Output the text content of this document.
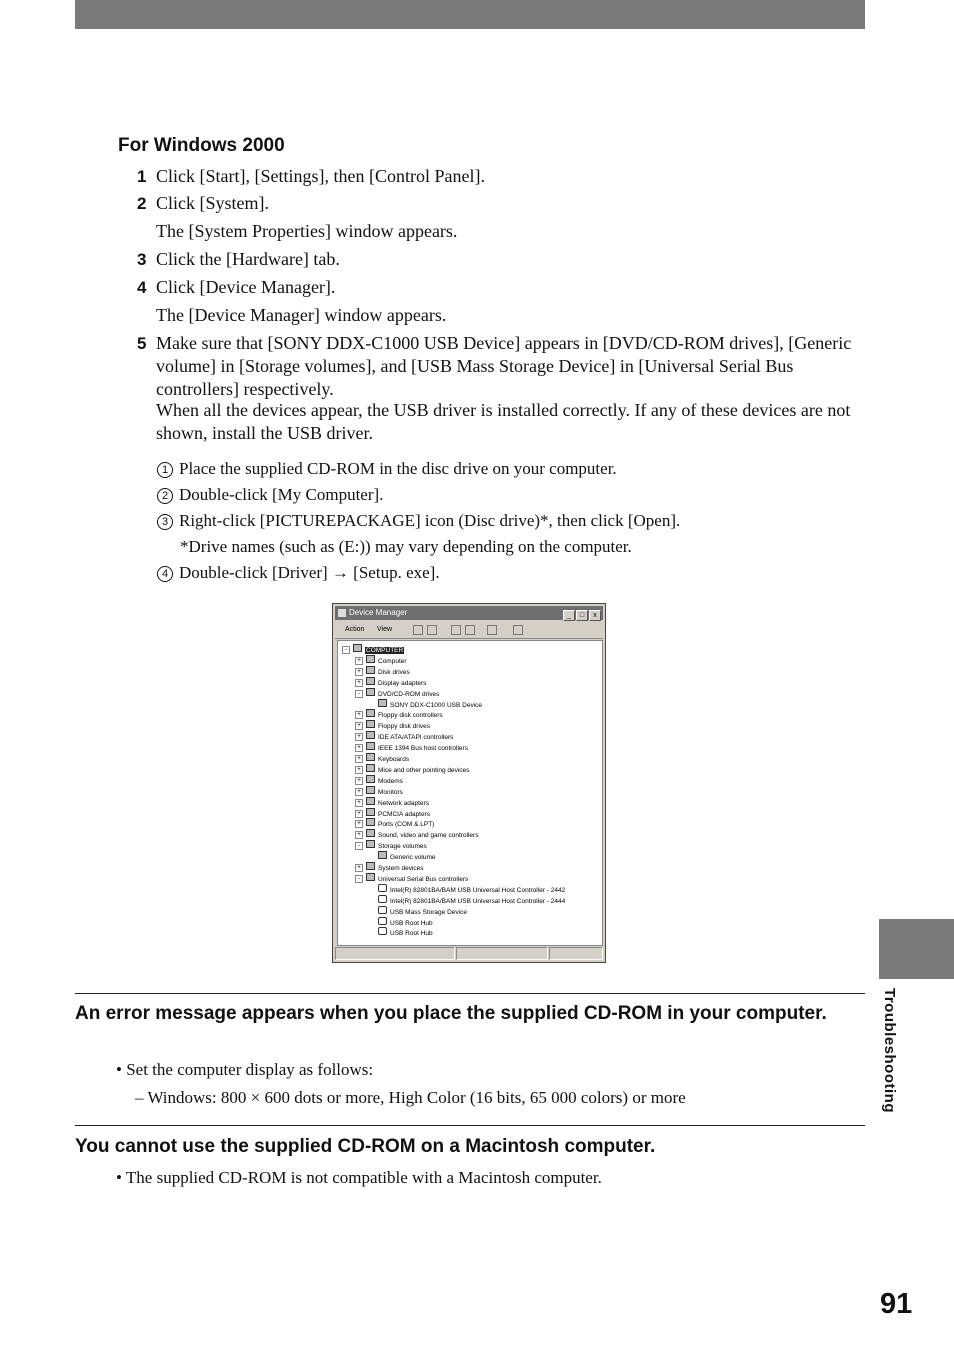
For Windows 2000
1 Click [Start], [Settings], then [Control Panel].
2 Click [System].
The [System Properties] window appears.
3 Click the [Hardware] tab.
4 Click [Device Manager].
The [Device Manager] window appears.
5 Make sure that [SONY DDX-C1000 USB Device] appears in [DVD/CD-ROM drives], [Generic volume] in [Storage volumes], and [USB Mass Storage Device] in [Universal Serial Bus controllers] respectively.
When all the devices appear, the USB driver is installed correctly. If any of these devices are not shown, install the USB driver.
1 Place the supplied CD-ROM in the disc drive on your computer.
2 Double-click [My Computer].
3 Right-click [PICTUREPACKAGE] icon (Disc drive)*, then click [Open].
*Drive names (such as (E:)) may vary depending on the computer.
4 Double-click [Driver] → [Setup. exe].
Device Manager	_ □ x
Action View
-	COMPUTER
+	Computer
+	Disk drives
+	Display adapters
-	DVD/CD-ROM drives
SONY DDX-C1000 USB Device
+	Floppy disk controllers
+	Floppy disk drives
+	IDE ATA/ATAPI controllers
+	IEEE 1394 Bus host controllers
+	Keyboards
+	Mice and other pointing devices
+	Modems
+	Monitors
+	Network adapters
+	PCMCIA adapters
+	Ports (COM & LPT)
+	Sound, video and game controllers
-	Storage volumes
Generic volume
+	System devices
-	Universal Serial Bus controllers
Intel(R) 82801BA/BAM USB Universal Host Controller - 2442
Intel(R) 82801BA/BAM USB Universal Host Controller - 2444
USB Mass Storage Device
USB Root Hub
USB Root Hub
An error message appears when you place the supplied CD-ROM in your computer.
• Set the computer display as follows:
– Windows: 800 × 600 dots or more, High Color (16 bits, 65 000 colors) or more
You cannot use the supplied CD-ROM on a Macintosh computer.
• The supplied CD-ROM is not compatible with a Macintosh computer.
Troubleshooting
91
